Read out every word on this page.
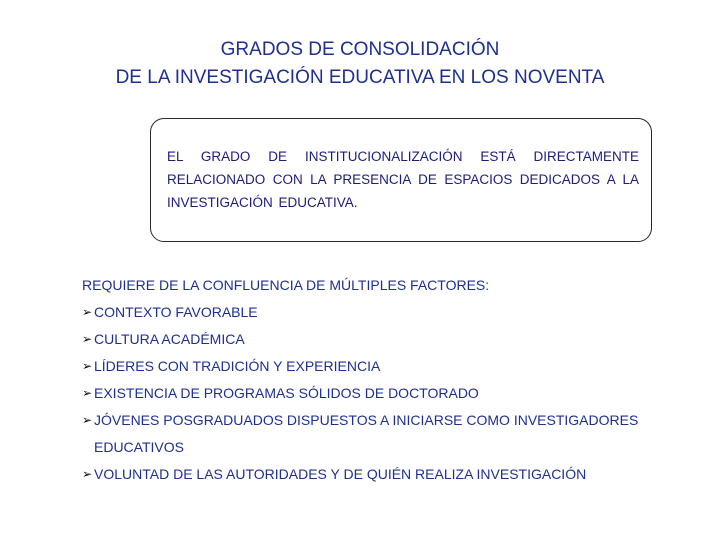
GRADOS DE CONSOLIDACIÓN
DE LA INVESTIGACIÓN EDUCATIVA EN LOS NOVENTA
EL GRADO DE INSTITUCIONALIZACIÓN ESTÁ DIRECTAMENTE RELACIONADO CON LA PRESENCIA DE ESPACIOS DEDICADOS A LA INVESTIGACIÓN EDUCATIVA.
REQUIERE DE LA CONFLUENCIA DE MÚLTIPLES FACTORES:
➢ CONTEXTO FAVORABLE
➢ CULTURA ACADÉMICA
➢ LÍDERES CON TRADICIÓN Y EXPERIENCIA
➢ EXISTENCIA DE PROGRAMAS SÓLIDOS DE DOCTORADO
➢ JÓVENES POSGRADUADOS DISPUESTOS A INICIARSE COMO INVESTIGADORES EDUCATIVOS
➢ VOLUNTAD DE LAS AUTORIDADES Y DE QUIÉN REALIZA INVESTIGACIÓN
